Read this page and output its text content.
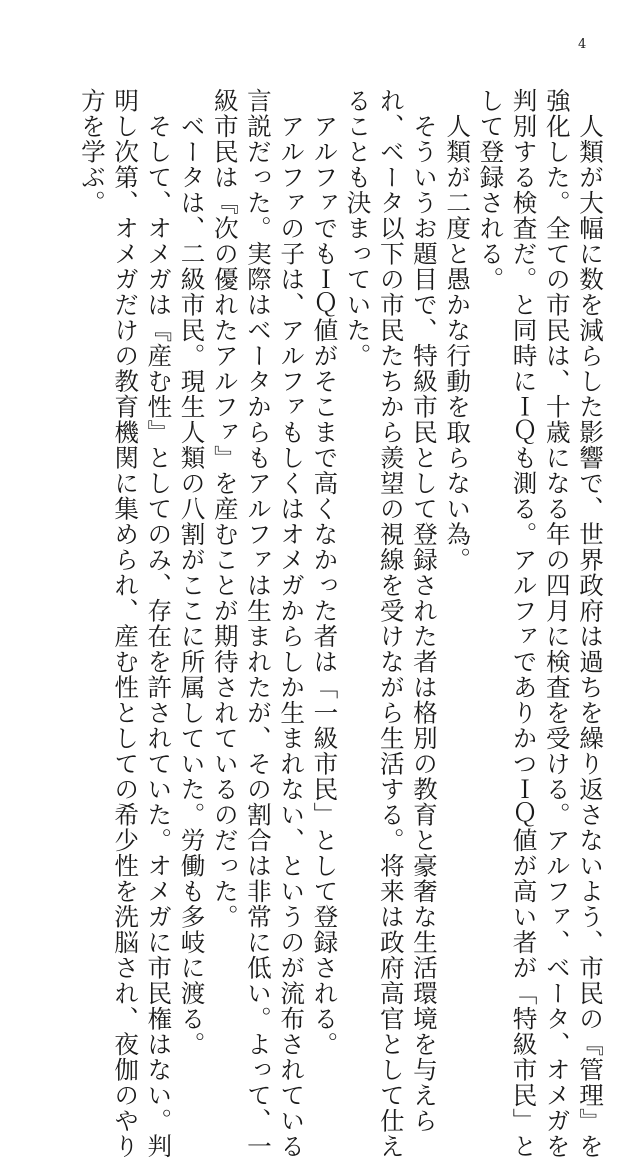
4
　人類が大幅に数を減らした影響で、世界政府は過ちを繰り返さないよう、市民の『管理』を
強化した。全ての市民は、十歳になる年の四月に検査を受ける。アルファ、ベータ、オメガを
判別する検査だ。と同時にＩＱも測る。アルファでありかつＩＱ値が高い者が「特級市民」と
して登録される。
　人類が二度と愚かな行動を取らない為。
　そういうお題目で、特級市民として登録された者は格別の教育と豪奢な生活環境を与えら
れ、ベータ以下の市民たちから羨望の視線を受けながら生活する。将来は政府高官として仕え
ることも決まっていた。
　アルファでもＩＱ値がそこまで高くなかった者は「一級市民」として登録される。
　アルファの子は、アルファもしくはオメガからしか生まれない、というのが流布されている
言説だった。実際はベータからもアルファは生まれたが、その割合は非常に低い。よって、一
級市民は『次の優れたアルファ』を産むことが期待されているのだった。
　ベータは、二級市民。現生人類の八割がここに所属していた。労働も多岐に渡る。
　そして、オメガは『産む性』としてのみ、存在を許されていた。オメガに市民権はない。判
明し次第、オメガだけの教育機関に集められ、産む性としての希少性を洗脳され、夜伽のやり
方を学ぶ。
